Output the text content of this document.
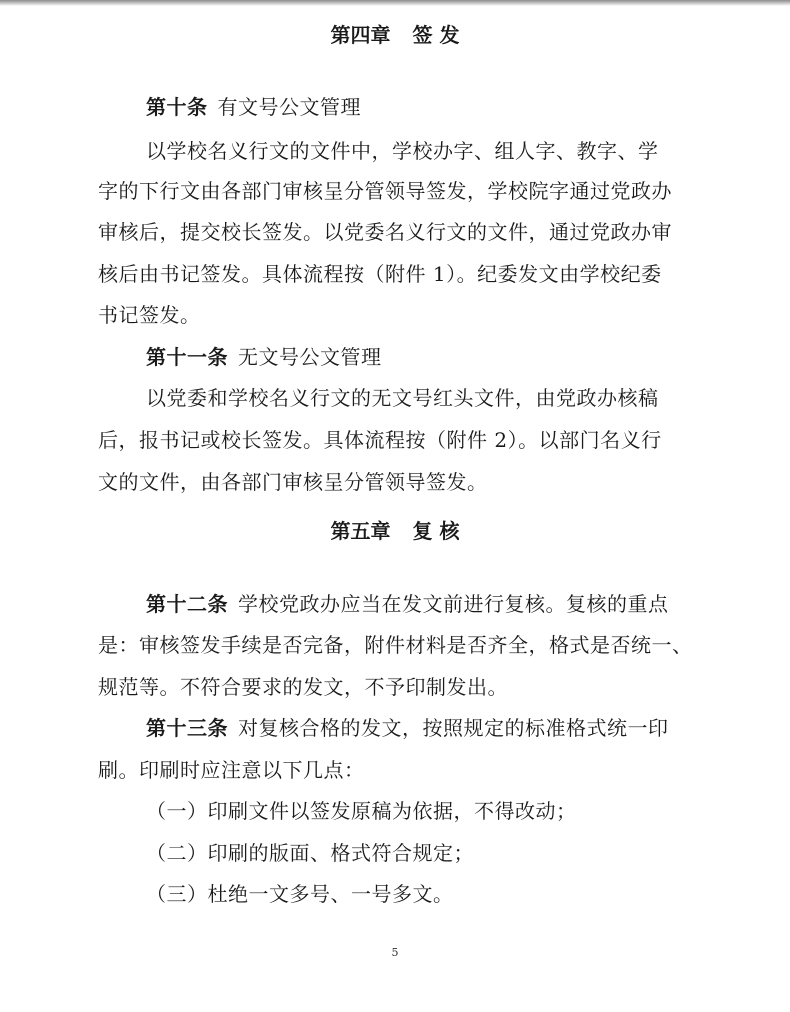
第四章 签 发
第十条 有文号公文管理
以学校名义行文的文件中，学校办字、组人字、教字、学
字的下行文由各部门审核呈分管领导签发，学校院字通过党政办
审核后，提交校长签发。以党委名义行文的文件，通过党政办审
核后由书记签发。具体流程按（附件 1）。纪委发文由学校纪委
书记签发。
第十一条 无文号公文管理
以党委和学校名义行文的无文号红头文件，由党政办核稿
后，报书记或校长签发。具体流程按（附件 2）。以部门名义行
文的文件，由各部门审核呈分管领导签发。
第五章 复 核
第十二条 学校党政办应当在发文前进行复核。复核的重点
是：审核签发手续是否完备，附件材料是否齐全，格式是否统一、
规范等。不符合要求的发文，不予印制发出。
第十三条 对复核合格的发文，按照规定的标准格式统一印
刷。印刷时应注意以下几点：
（一）印刷文件以签发原稿为依据，不得改动；
（二）印刷的版面、格式符合规定；
（三）杜绝一文多号、一号多文。
5
